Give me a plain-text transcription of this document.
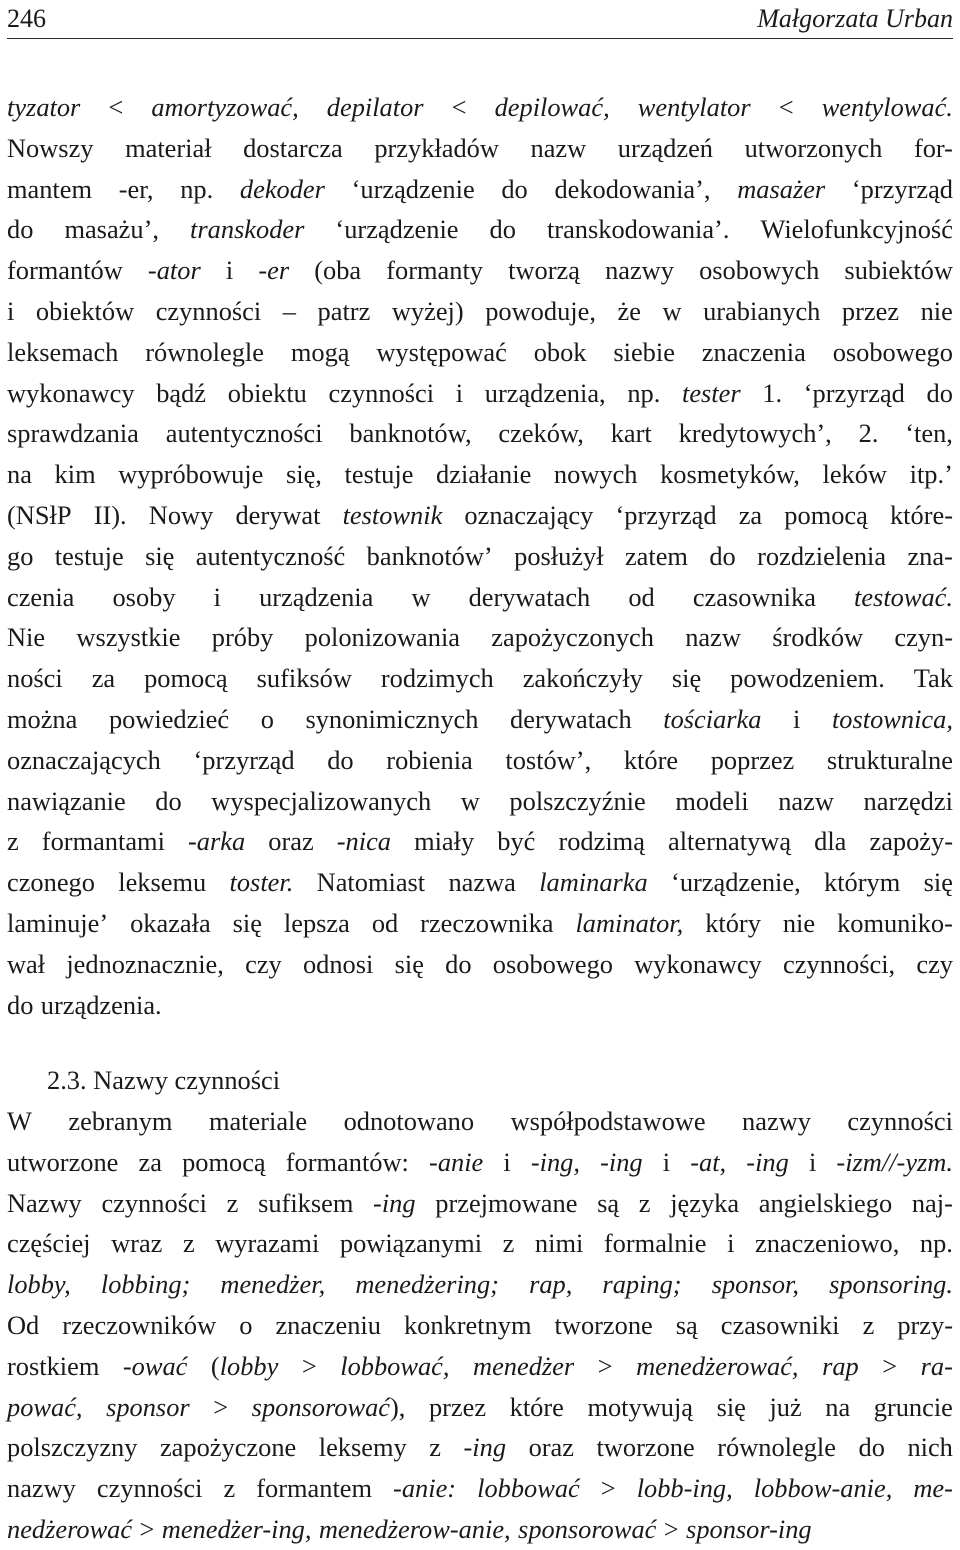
246	Małgorzata Urban
tyzator < amortyzować, depilator < depilować, wentylator < wentylować.
Nowszy materiał dostarcza przykładów nazw urządzeń utworzonych for-
mantem -er, np. dekoder ‘urządzenie do dekodowania’, masażer ‘przyrząd
do masażu’, transkoder ‘urządzenie do transkodowania’. Wielofunkcyjność
formantów -ator i -er (oba formanty tworzą nazwy osobowych subiektów
i obiektów czynności – patrz wyżej) powoduje, że w urabianych przez nie
leksemach równolegle mogą występować obok siebie znaczenia osobowego
wykonawcy bądź obiektu czynności i urządzenia, np. tester 1. ‘przyrząd do
sprawdzania autentyczności banknotów, czeków, kart kredytowych’, 2. ‘ten,
na kim wypróbowuje się, testuje działanie nowych kosmetyków, leków itp.’
(NSłP II). Nowy derywat testownik oznaczający ‘przyrząd za pomocą które-
go testuje się autentyczność banknotów’ posłużył zatem do rozdzielenia zna-
czenia osoby i urządzenia w derywatach od czasownika testować.
Nie wszystkie próby polonizowania zapożyczonych nazw środków czyn-
ności za pomocą sufiksów rodzimych zakończyły się powodzeniem. Tak
można powiedzieć o synonimicznych derywatach tościarka i tostownica,
oznaczających ‘przyrząd do robienia tostów’, które poprzez strukturalne
nawiązanie do wyspecjalizowanych w polszczyźnie modeli nazw narzędzi
z formantami -arka oraz -nica miały być rodzimą alternatywą dla zapoży-
czonego leksemu toster. Natomiast nazwa laminarka ‘urządzenie, którym się
laminuje’ okazała się lepsza od rzeczownika laminator, który nie komuniko-
wał jednoznacznie, czy odnosi się do osobowego wykonawcy czynności, czy
do urządzenia.
2.3. Nazwy czynności
W zebranym materiale odnotowano współpodstawowe nazwy czynności
utworzone za pomocą formantów: -anie i -ing, -ing i -at, -ing i -izm//-yzm.
Nazwy czynności z sufiksem -ing przejmowane są z języka angielskiego naj-
częściej wraz z wyrazami powiązanymi z nimi formalnie i znaczeniowo, np.
lobby, lobbing; menedżer, menedżering; rap, raping; sponsor, sponsoring.
Od rzeczowników o znaczeniu konkretnym tworzone są czasowniki z przy-
rostkiem -ować (lobby > lobbować, menedżer > menedżerować, rap > ra-
pować, sponsor > sponsorować), przez które motywują się już na gruncie
polszczyzny zapożyczone leksemy z -ing oraz tworzone równolegle do nich
nazwy czynności z formantem -anie: lobbować > lobb-ing, lobbow-anie, me-
nedżerować > menedżer-ing, menedżerow-anie, sponsorować > sponsor-ing
